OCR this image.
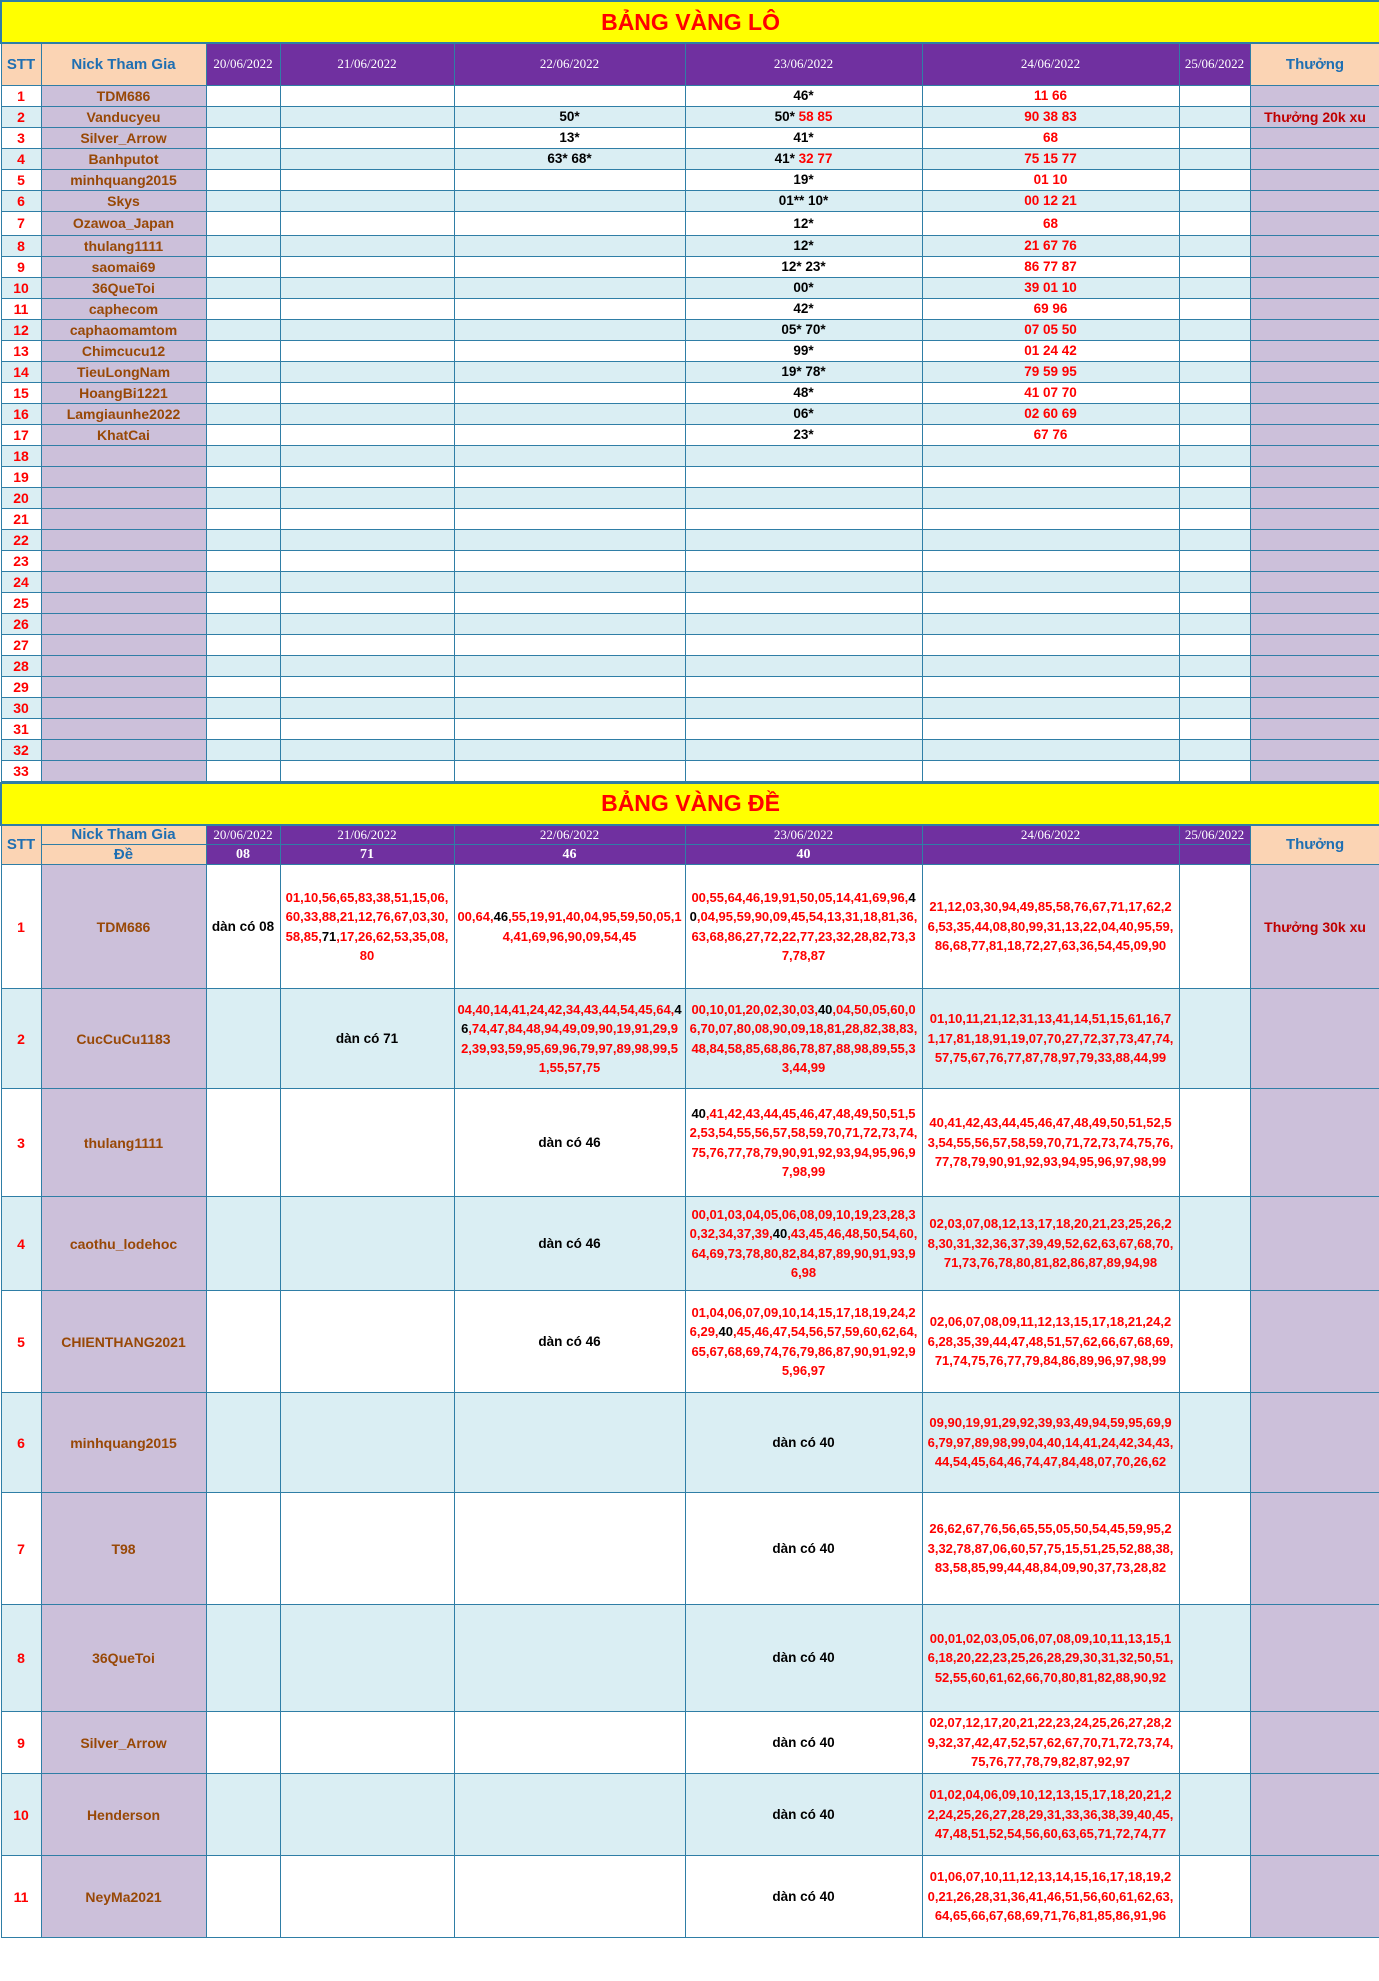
BẢNG VÀNG LÔ								
STT	Nick Tham Gia	20/06/2022	21/06/2022	22/06/2022	23/06/2022	24/06/2022	25/06/2022	Thưởng
1	TDM686				46*	11 66		
2	Vanducyeu			50*	50* 58 85	90 38 83		Thưởng 20k xu
3	Silver_Arrow			13*	41*	68		
4	Banhputot			63* 68*	41* 32 77	75 15 77		
5	minhquang2015				19*	01 10		
6	Skys				01** 10*	00 12 21		
7	Ozawoa_Japan				12*	68		
8	thulang1111				12*	21 67 76		
9	saomai69				12* 23*	86 77 87		
10	36QueToi				00*	39 01 10		
11	caphecom				42*	69 96		
12	caphaomamtom				05* 70*	07 05 50		
13	Chimcucu12				99*	01 24 42		
14	TieuLongNam				19* 78*	79 59 95		
15	HoangBi1221				48*	41 07 70		
16	Lamgiaunhe2022				06*	02 60 69		
17	KhatCai				23*	67 76		
18								
19								
20								
21								
22								
23								
24								
25								
26								
27								
28								
29								
30								
31								
32								
33								
BẢNG VÀNG ĐỀ								
STT	Nick Tham Gia	20/06/2022	21/06/2022	22/06/2022	23/06/2022	24/06/2022	25/06/2022	Thưởng
	Đề	08	71	46	40			
1	TDM686	dàn có 08	01,10,56,65,83,38,51,15,06,60,33,88,21,12,76,67,03,30,58,85,71,17,26,62,53,35,08,80	00,64,46,55,19,91,40,04,95,59,50,05,14,41,69,96,90,09,54,45	00,55,64,46,19,91,50,05,14,41,69,96,40,04,95,59,90,09,45,54,13,31,18,81,36,63,68,86,27,72,22,77,23,32,28,82,73,37,78,87	21,12,03,30,94,49,85,58,76,67,71,17,62,26,53,35,44,08,80,99,31,13,22,04,40,95,59,86,68,77,81,18,72,27,63,36,54,45,09,90		Thưởng 30k xu
2	CucCuCu1183		dàn có 71	04,40,14,41,24,42,34,43,44,54,45,64,46,74,47,84,48,94,49,09,90,19,91,29,92,39,93,59,95,69,96,79,97,89,98,99,51,55,57,75	00,10,01,20,02,30,03,40,04,50,05,60,06,70,07,80,08,90,09,18,81,28,82,38,83,48,84,58,85,68,86,78,87,88,98,89,55,33,44,99	01,10,11,21,12,31,13,41,14,51,15,61,16,71,17,81,18,91,19,07,70,27,72,37,73,47,74,57,75,67,76,77,87,78,97,79,33,88,44,99		
3	thulang1111			dàn có 46	40,41,42,43,44,45,46,47,48,49,50,51,52,53,54,55,56,57,58,59,70,71,72,73,74,75,76,77,78,79,90,91,92,93,94,95,96,97,98,99	40,41,42,43,44,45,46,47,48,49,50,51,52,53,54,55,56,57,58,59,70,71,72,73,74,75,76,77,78,79,90,91,92,93,94,95,96,97,98,99		
4	caothu_lodehoc			dàn có 46	00,01,03,04,05,06,08,09,10,19,23,28,30,32,34,37,39,40,43,45,46,48,50,54,60,64,69,73,78,80,82,84,87,89,90,91,93,96,98	02,03,07,08,12,13,17,18,20,21,23,25,26,28,30,31,32,36,37,39,49,52,62,63,67,68,70,71,73,76,78,80,81,82,86,87,89,94,98		
5	CHIENTHANG2021			dàn có 46	01,04,06,07,09,10,14,15,17,18,19,24,26,29,40,45,46,47,54,56,57,59,60,62,64,65,67,68,69,74,76,79,86,87,90,91,92,95,96,97	02,06,07,08,09,11,12,13,15,17,18,21,24,26,28,35,39,44,47,48,51,57,62,66,67,68,69,71,74,75,76,77,79,84,86,89,96,97,98,99		
6	minhquang2015				dàn có 40	09,90,19,91,29,92,39,93,49,94,59,95,69,96,79,97,89,98,99,04,40,14,41,24,42,34,43,44,54,45,64,46,74,47,84,48,07,70,26,62		
7	T98				dàn có 40	26,62,67,76,56,65,55,05,50,54,45,59,95,23,32,78,87,06,60,57,75,15,51,25,52,88,38,83,58,85,99,44,48,84,09,90,37,73,28,82		
8	36QueToi				dàn có 40	00,01,02,03,05,06,07,08,09,10,11,13,15,16,18,20,22,23,25,26,28,29,30,31,32,50,51,52,55,60,61,62,66,70,80,81,82,88,90,92		
9	Silver_Arrow				dàn có 40	02,07,12,17,20,21,22,23,24,25,26,27,28,29,32,37,42,47,52,57,62,67,70,71,72,73,74,75,76,77,78,79,82,87,92,97		
10	Henderson				dàn có 40	01,02,04,06,09,10,12,13,15,17,18,20,21,22,24,25,26,27,28,29,31,33,36,38,39,40,45,47,48,51,52,54,56,60,63,65,71,72,74,77		
11	NeyMa2021				dàn có 40	01,06,07,10,11,12,13,14,15,16,17,18,19,20,21,26,28,31,36,41,46,51,56,60,61,62,63,64,65,66,67,68,69,71,76,81,85,86,91,96		
